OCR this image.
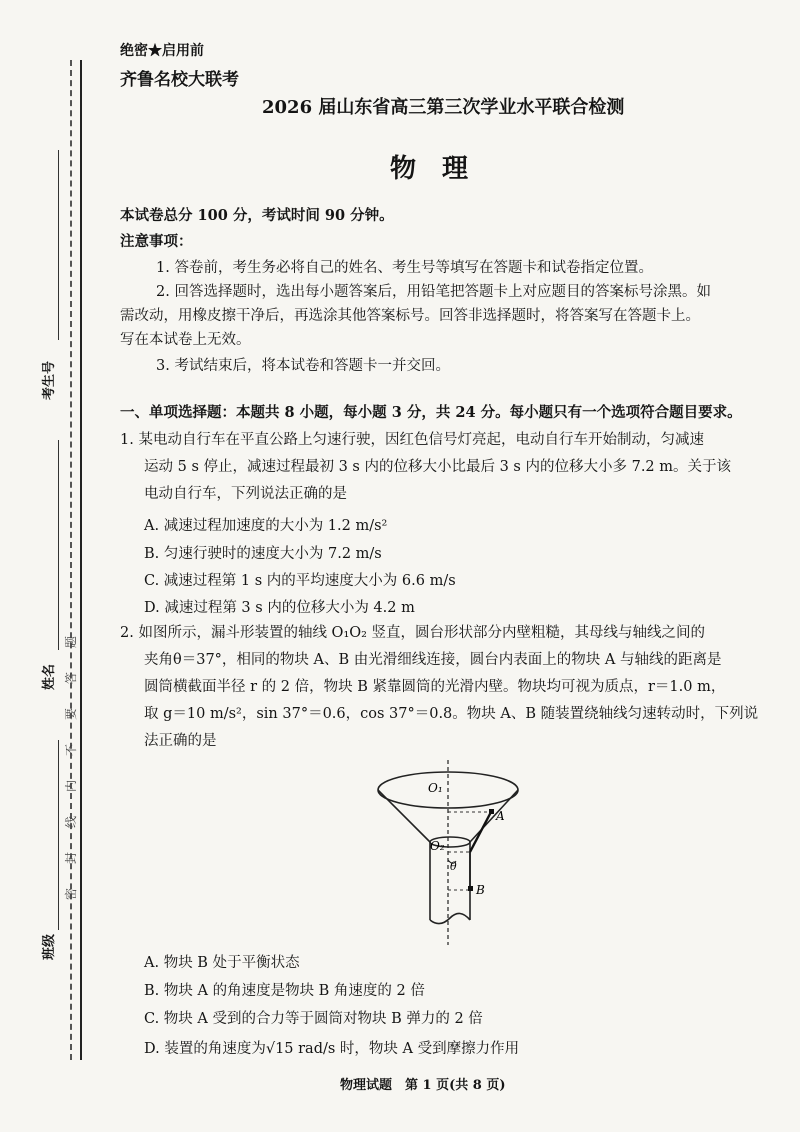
考生号
姓名
班级
密　　封　　线　　内　　不　　要　　答　　题
绝密★启用前
齐鲁名校大联考
2026 届山东省高三第三次学业水平联合检测
物　理
本试卷总分 100 分，考试时间 90 分钟。
注意事项：
1. 答卷前，考生务必将自己的姓名、考生号等填写在答题卡和试卷指定位置。
2. 回答选择题时，选出每小题答案后，用铅笔把答题卡上对应题目的答案标号涂黑。如
需改动，用橡皮擦干净后，再选涂其他答案标号。回答非选择题时，将答案写在答题卡上。
写在本试卷上无效。
3. 考试结束后，将本试卷和答题卡一并交回。
一、单项选择题：本题共 8 小题，每小题 3 分，共 24 分。每小题只有一个选项符合题目要求。
1. 某电动自行车在平直公路上匀速行驶，因红色信号灯亮起，电动自行车开始制动，匀减速
运动 5 s 停止，减速过程最初 3 s 内的位移大小比最后 3 s 内的位移大小多 7.2 m。关于该
电动自行车，下列说法正确的是
A. 减速过程加速度的大小为 1.2 m/s²
B. 匀速行驶时的速度大小为 7.2 m/s
C. 减速过程第 1 s 内的平均速度大小为 6.6 m/s
D. 减速过程第 3 s 内的位移大小为 4.2 m
2. 如图所示，漏斗形装置的轴线 O₁O₂ 竖直，圆台形状部分内壁粗糙，其母线与轴线之间的
夹角θ＝37°，相同的物块 A、B 由光滑细线连接，圆台内表面上的物块 A 与轴线的距离是
圆筒横截面半径 r 的 2 倍，物块 B 紧靠圆筒的光滑内壁。物块均可视为质点，r＝1.0 m，
取 g＝10 m/s²，sin 37°＝0.6，cos 37°＝0.8。物块 A、B 随装置绕轴线匀速转动时，下列说
法正确的是
O₁
O₂
θ
A
B
A. 物块 B 处于平衡状态
B. 物块 A 的角速度是物块 B 角速度的 2 倍
C. 物块 A 受到的合力等于圆筒对物块 B 弹力的 2 倍
D. 装置的角速度为√15 rad/s 时，物块 A 受到摩擦力作用
物理试题　第 1 页(共 8 页)
